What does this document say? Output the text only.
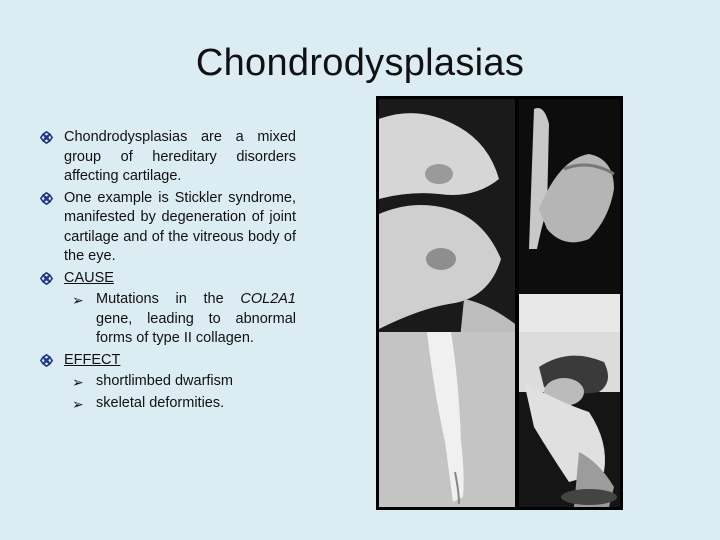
Chondrodysplasias
Chondrodysplasias are a mixed group of hereditary disorders affecting cartilage.
One example is Stickler syndrome, manifested by degeneration of joint cartilage and of the vitreous body of the eye.
CAUSE
➢ Mutations in the COL2A1 gene, leading to abnormal forms of type II collagen.
EFFECT
➢ shortlimbed dwarfism
➢ skeletal deformities.
